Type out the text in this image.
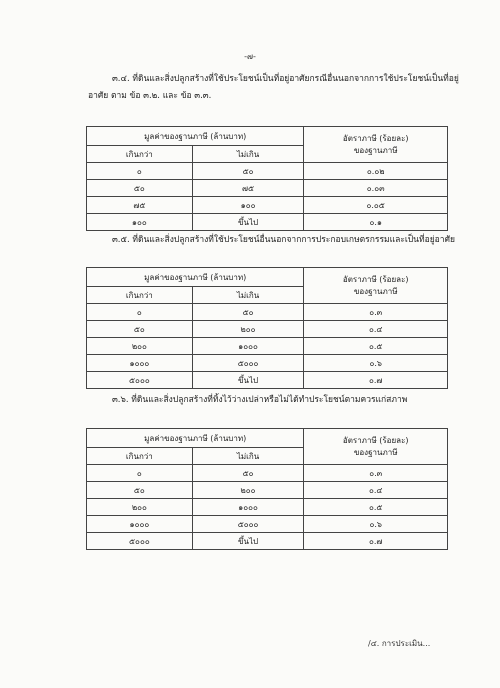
-๗-
๓.๔. ที่ดินและสิ่งปลูกสร้างที่ใช้ประโยชน์เป็นที่อยู่อาศัยกรณีอื่นนอกจากการใช้ประโยชน์เป็นที่อยู่
อาศัย ตาม ข้อ ๓.๒. และ ข้อ ๓.๓.
มูลค่าของฐานภาษี (ล้านบาท)		อัตราภาษี (ร้อยละ)
ของฐานภาษี

เกินกว่า	ไม่เกิน	
๐	๕๐	๐.๐๒
๕๐	๗๕	๐.๐๓
๗๕	๑๐๐	๐.๐๕
๑๐๐	ขึ้นไป	๐.๑
๓.๕. ที่ดินและสิ่งปลูกสร้างที่ใช้ประโยชน์อื่นนอกจากการประกอบเกษตรกรรมและเป็นที่อยู่อาศัย
มูลค่าของฐานภาษี (ล้านบาท)		อัตราภาษี (ร้อยละ)
ของฐานภาษี

เกินกว่า	ไม่เกิน	
๐	๕๐	๐.๓
๕๐	๒๐๐	๐.๔
๒๐๐	๑๐๐๐	๐.๕
๑๐๐๐	๕๐๐๐	๐.๖
๕๐๐๐	ขึ้นไป	๐.๗
๓.๖. ที่ดินและสิ่งปลูกสร้างที่ทิ้งไว้ว่างเปล่าหรือไม่ได้ทำประโยชน์ตามควรแก่สภาพ
มูลค่าของฐานภาษี (ล้านบาท)		อัตราภาษี (ร้อยละ)
ของฐานภาษี

เกินกว่า	ไม่เกิน	
๐	๕๐	๐.๓
๕๐	๒๐๐	๐.๔
๒๐๐	๑๐๐๐	๐.๕
๑๐๐๐	๕๐๐๐	๐.๖
๕๐๐๐	ขึ้นไป	๐.๗
/๔. การประเมิน...
